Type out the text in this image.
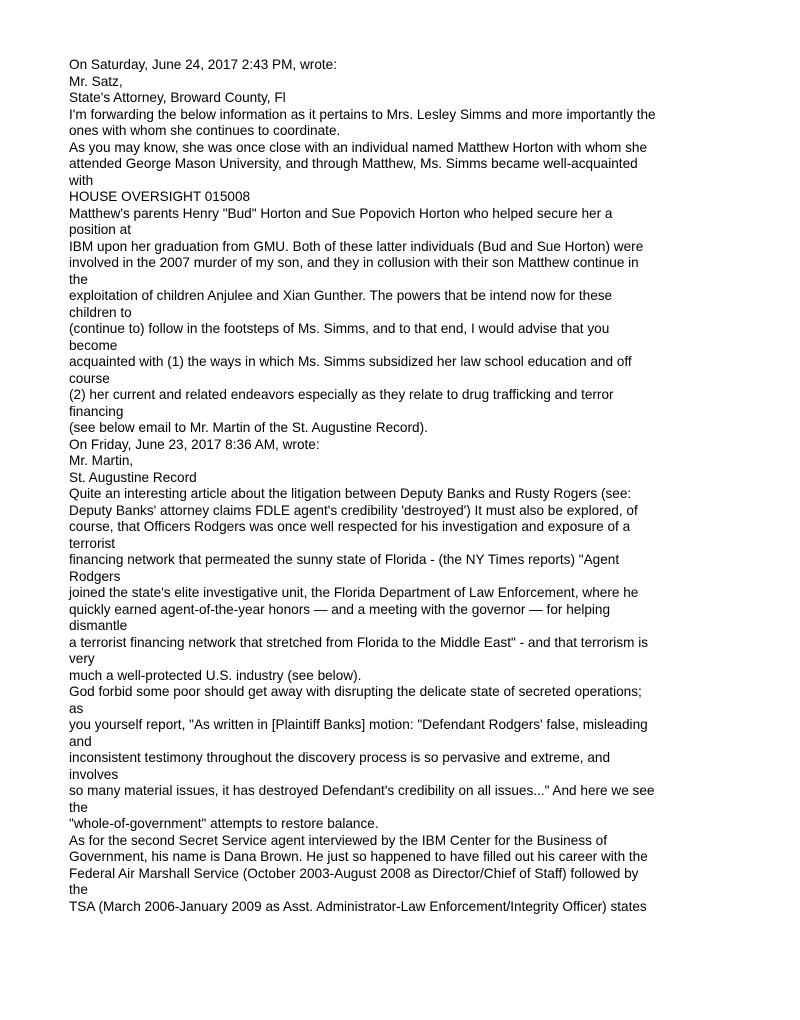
On Saturday, June 24, 2017 2:43 PM, wrote:
Mr. Satz,
State's Attorney, Broward County, Fl
I'm forwarding the below information as it pertains to Mrs. Lesley Simms and more importantly the
ones with whom she continues to coordinate.
As you may know, she was once close with an individual named Matthew Horton with whom she
attended George Mason University, and through Matthew, Ms. Simms became well-acquainted
with
HOUSE OVERSIGHT 015008
Matthew's parents Henry "Bud" Horton and Sue Popovich Horton who helped secure her a
position at
IBM upon her graduation from GMU. Both of these latter individuals (Bud and Sue Horton) were
involved in the 2007 murder of my son, and they in collusion with their son Matthew continue in
the
exploitation of children Anjulee and Xian Gunther. The powers that be intend now for these
children to
(continue to) follow in the footsteps of Ms. Simms, and to that end, I would advise that you
become
acquainted with (1) the ways in which Ms. Simms subsidized her law school education and off
course
(2) her current and related endeavors especially as they relate to drug trafficking and terror
financing
(see below email to Mr. Martin of the St. Augustine Record).
On Friday, June 23, 2017 8:36 AM, wrote:
Mr. Martin,
St. Augustine Record
Quite an interesting article about the litigation between Deputy Banks and Rusty Rogers (see:
Deputy Banks' attorney claims FDLE agent's credibility 'destroyed') It must also be explored, of
course, that Officers Rodgers was once well respected for his investigation and exposure of a
terrorist
financing network that permeated the sunny state of Florida - (the NY Times reports) "Agent
Rodgers
joined the state's elite investigative unit, the Florida Department of Law Enforcement, where he
quickly earned agent-of-the-year honors — and a meeting with the governor — for helping
dismantle
a terrorist financing network that stretched from Florida to the Middle East" - and that terrorism is
very
much a well-protected U.S. industry (see below).
God forbid some poor should get away with disrupting the delicate state of secreted operations;
as
you yourself report, "As written in [Plaintiff Banks] motion: "Defendant Rodgers' false, misleading
and
inconsistent testimony throughout the discovery process is so pervasive and extreme, and
involves
so many material issues, it has destroyed Defendant's credibility on all issues..." And here we see
the
"whole-of-government" attempts to restore balance.
As for the second Secret Service agent interviewed by the IBM Center for the Business of
Government, his name is Dana Brown. He just so happened to have filled out his career with the
Federal Air Marshall Service (October 2003-August 2008 as Director/Chief of Staff) followed by
the
TSA (March 2006-January 2009 as Asst. Administrator-Law Enforcement/Integrity Officer) states
